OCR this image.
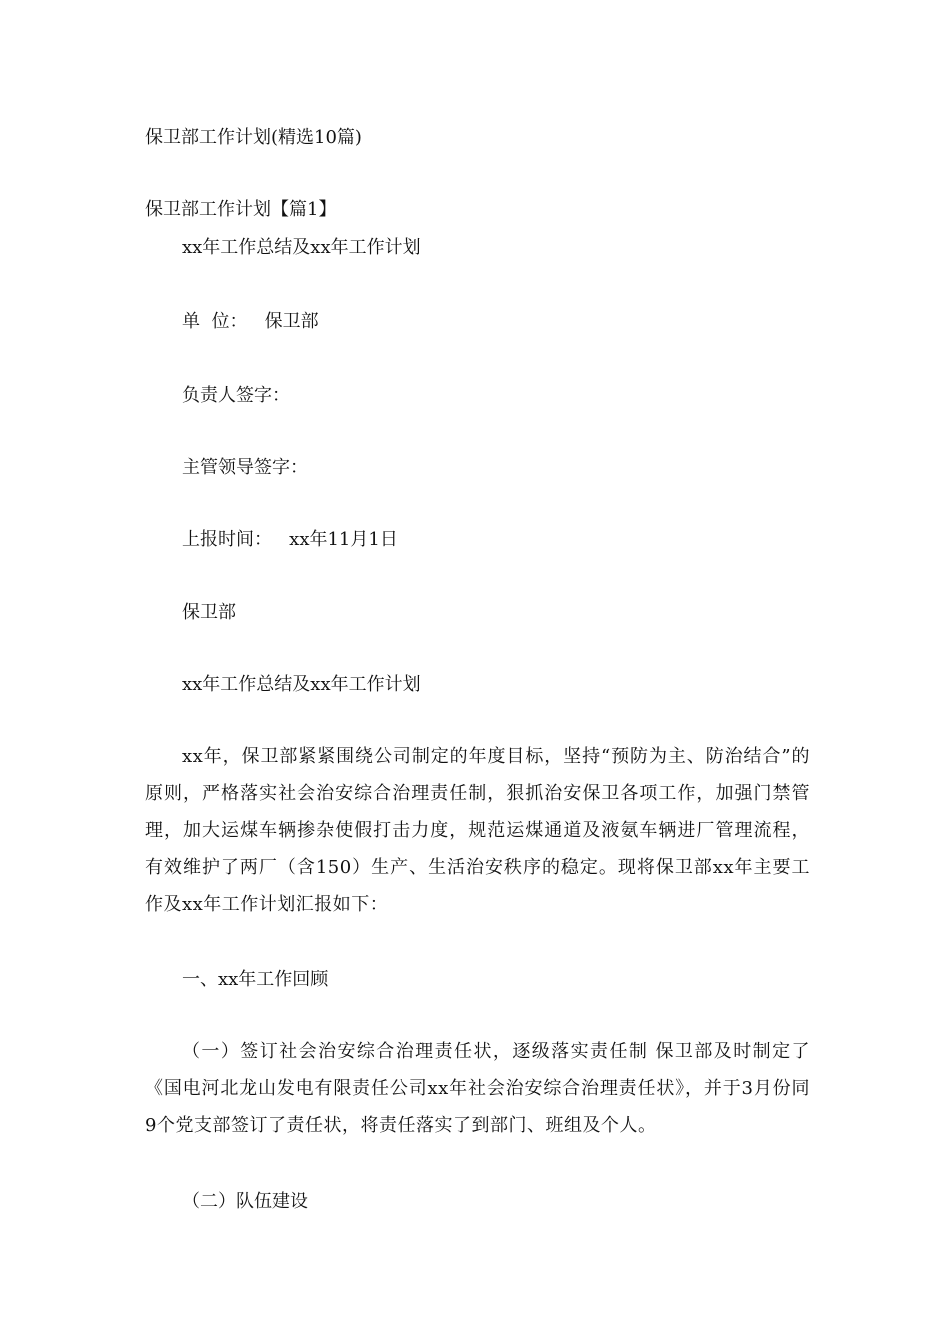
保卫部工作计划(精选10篇)
保卫部工作计划【篇1】
xx年工作总结及xx年工作计划
单  位：   保卫部
负责人签字：
主管领导签字：
上报时间：   xx年11月1日
保卫部
xx年工作总结及xx年工作计划
xx年，保卫部紧紧围绕公司制定的年度目标，坚持“预防为主、防治结合”的原则，严格落实社会治安综合治理责任制，狠抓治安保卫各项工作，加强门禁管理，加大运煤车辆掺杂使假打击力度，规范运煤通道及液氨车辆进厂管理流程，有效维护了两厂（含150）生产、生活治安秩序的稳定。现将保卫部xx年主要工作及xx年工作计划汇报如下：
一、xx年工作回顾
（一）签订社会治安综合治理责任状，逐级落实责任制 保卫部及时制定了《国电河北龙山发电有限责任公司xx年社会治安综合治理责任状》，并于3月份同9个党支部签订了责任状，将责任落实了到部门、班组及个人。
（二）队伍建设
